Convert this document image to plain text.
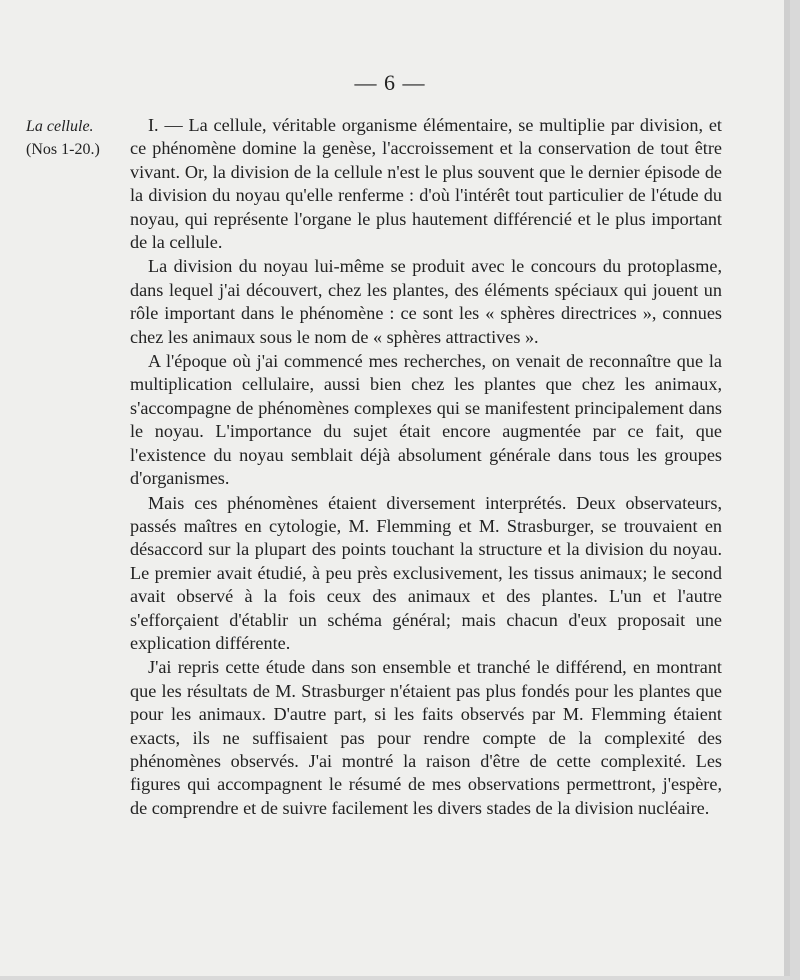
— 6 —
La cellule.
(Nos 1-20.)

I. — La cellule, véritable organisme élémentaire, se multiplie par division, et ce phénomène domine la genèse, l'accroissement et la conservation de tout être vivant. Or, la division de la cellule n'est le plus souvent que le dernier épisode de la division du noyau qu'elle renferme : d'où l'intérêt tout particulier de l'étude du noyau, qui représente l'organe le plus hautement différencié et le plus important de la cellule.

La division du noyau lui-même se produit avec le concours du protoplasme, dans lequel j'ai découvert, chez les plantes, des éléments spéciaux qui jouent un rôle important dans le phénomène : ce sont les « sphères directrices », connues chez les animaux sous le nom de « sphères attractives ».

A l'époque où j'ai commencé mes recherches, on venait de reconnaître que la multiplication cellulaire, aussi bien chez les plantes que chez les animaux, s'accompagne de phénomènes complexes qui se manifestent principalement dans le noyau. L'importance du sujet était encore augmentée par ce fait, que l'existence du noyau semblait déjà absolument générale dans tous les groupes d'organismes.

Mais ces phénomènes étaient diversement interprétés. Deux observateurs, passés maîtres en cytologie, M. Flemming et M. Strasburger, se trouvaient en désaccord sur la plupart des points touchant la structure et la division du noyau. Le premier avait étudié, à peu près exclusivement, les tissus animaux; le second avait observé à la fois ceux des animaux et des plantes. L'un et l'autre s'efforçaient d'établir un schéma général; mais chacun d'eux proposait une explication différente.

J'ai repris cette étude dans son ensemble et tranché le différend, en montrant que les résultats de M. Strasburger n'étaient pas plus fondés pour les plantes que pour les animaux. D'autre part, si les faits observés par M. Flemming étaient exacts, ils ne suffisaient pas pour rendre compte de la complexité des phénomènes observés. J'ai montré la raison d'être de cette complexité. Les figures qui accompagnent le résumé de mes observations permettront, j'espère, de comprendre et de suivre facilement les divers stades de la division nucléaire.
